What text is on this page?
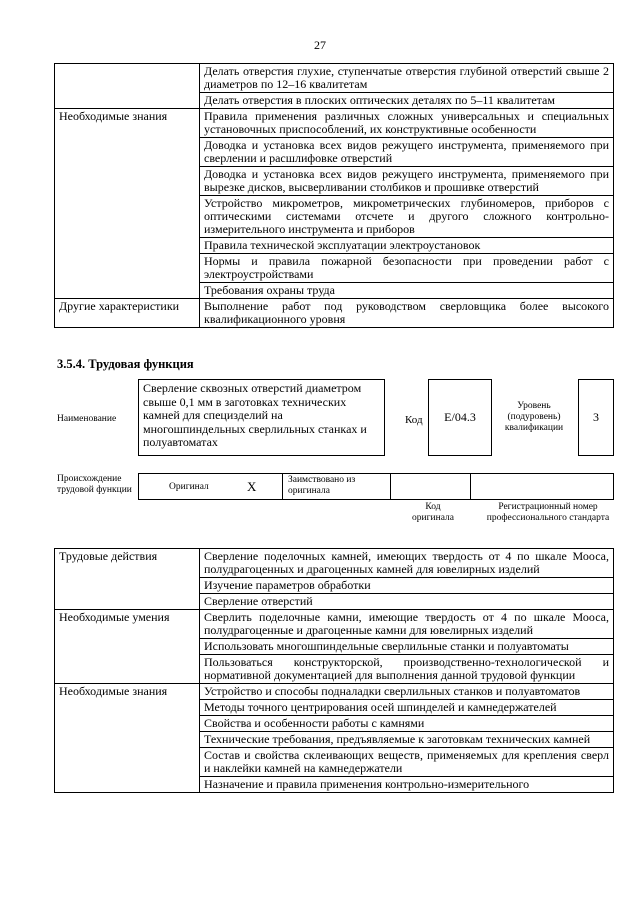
27
	Делать отверстия глухие, ступенчатые отверстия глубиной отверстий свыше 2 диаметров по 12–16 квалитетам
	Делать отверстия в плоских оптических деталях по 5–11 квалитетам
Необходимые знания	Правила применения различных сложных универсальных и специальных установочных приспособлений, их конструктивные особенности
	Доводка и установка всех видов режущего инструмента, применяемого при сверлении и расшлифовке отверстий
	Доводка и установка всех видов режущего инструмента, применяемого при вырезке дисков, высверливании столбиков и прошивке отверстий
	Устройство микрометров, микрометрических глубиномеров, приборов с оптическими системами отсчете и другого сложного контрольно-измерительного инструмента и приборов
	Правила технической эксплуатации электроустановок
	Нормы и правила пожарной безопасности при проведении работ с электроустройствами
	Требования охраны труда
Другие характеристики	Выполнение работ под руководством сверловщика более высокого квалификационного уровня
3.5.4. Трудовая функция
Наименование
Сверление сквозных отверстий диаметром свыше 0,1 мм в заготовках технических камней для специзделий на многошпиндельных сверлильных станках и полуавтоматах
Код	E/04.3
Уровень (подуровень) квалификации
3
Происхождение трудовой функции	Оригинал	X	Заимствовано из оригинала
Код оригинала
Регистрационный номер профессионального стандарта
Трудовые действия	Сверление поделочных камней, имеющих твердость от 4 по шкале Мооса, полудрагоценных и драгоценных камней для ювелирных изделий
	Изучение параметров обработки
	Сверление отверстий
Необходимые умения	Сверлить поделочные камни, имеющие твердость от 4 по шкале Мооса, полудрагоценные и драгоценные камни для ювелирных изделий
	Использовать многошпиндельные сверлильные станки и полуавтоматы
	Пользоваться конструкторской, производственно-технологической и нормативной документацией для выполнения данной трудовой функции
Необходимые знания	Устройство и способы подналадки сверлильных станков и полуавтоматов
	Методы точного центрирования осей шпинделей и камнедержателей
	Свойства и особенности работы с камнями
	Технические требования, предъявляемые к заготовкам технических камней
	Состав и свойства склеивающих веществ, применяемых для крепления сверл и наклейки камней на камнедержатели
	Назначение и правила применения контрольно-измерительного
